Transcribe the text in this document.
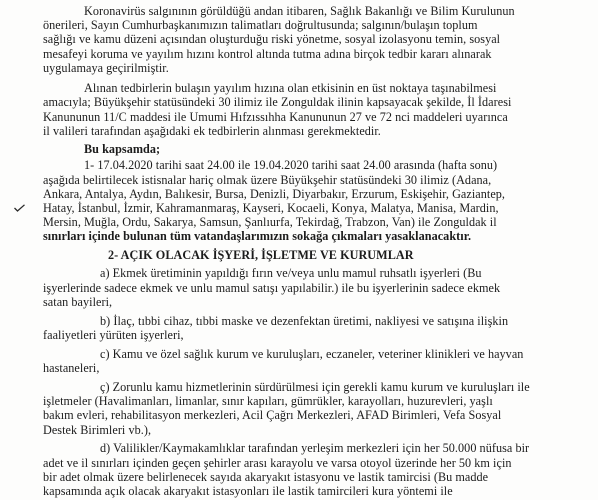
Koronavirüs salgınının görüldüğü andan itibaren, Sağlık Bakanlığı ve Bilim Kurulunun
önerileri, Sayın Cumhurbaşkanımızın talimatları doğrultusunda; salgının/bulaşın toplum
sağlığı ve kamu düzeni açısından oluşturduğu riski yönetme, sosyal izolasyonu temin, sosyal
mesafeyi koruma ve yayılım hızını kontrol altında tutma adına birçok tedbir kararı alınarak
uygulamaya geçirilmiştir.
Alınan tedbirlerin bulaşın yayılım hızına olan etkisinin en üst noktaya taşınabilmesi
amacıyla; Büyükşehir statüsündeki 30 ilimiz ile Zonguldak ilinin kapsayacak şekilde, İl İdaresi
Kanununun 11/C maddesi ile Umumi Hıfzıssıhha Kanununun 27 ve 72 nci maddeleri uyarınca
il valileri tarafından aşağıdaki ek tedbirlerin alınması gerekmektedir.
Bu kapsamda;
1- 17.04.2020 tarihi saat 24.00 ile 19.04.2020 tarihi saat 24.00 arasında (hafta sonu)
aşağıda belirtilecek istisnalar hariç olmak üzere Büyükşehir statüsündeki 30 ilimiz (Adana,
Ankara, Antalya, Aydın, Balıkesir, Bursa, Denizli, Diyarbakır, Erzurum, Eskişehir, Gaziantep,
Hatay, İstanbul, İzmir, Kahramanmaraş, Kayseri, Kocaeli, Konya, Malatya, Manisa, Mardin,
Mersin, Muğla, Ordu, Sakarya, Samsun, Şanlıurfa, Tekirdağ, Trabzon, Van) ile Zonguldak il
sınırları içinde bulunan tüm vatandaşlarımızın sokağa çıkmaları yasaklanacaktır.
2- AÇIK OLACAK İŞYERİ, İŞLETME VE KURUMLAR
a) Ekmek üretiminin yapıldığı fırın ve/veya unlu mamul ruhsatlı işyerleri (Bu
işyerlerinde sadece ekmek ve unlu mamul satışı yapılabilir.) ile bu işyerlerinin sadece ekmek
satan bayileri,
b) İlaç, tıbbi cihaz, tıbbi maske ve dezenfektan üretimi, nakliyesi ve satışına ilişkin
faaliyetleri yürüten işyerleri,
c) Kamu ve özel sağlık kurum ve kuruluşları, eczaneler, veteriner klinikleri ve hayvan
hastaneleri,
ç) Zorunlu kamu hizmetlerinin sürdürülmesi için gerekli kamu kurum ve kuruluşları ile
işletmeler (Havalimanları, limanlar, sınır kapıları, gümrükler, karayolları, huzurevleri, yaşlı
bakım evleri, rehabilitasyon merkezleri, Acil Çağrı Merkezleri, AFAD Birimleri, Vefa Sosyal
Destek Birimleri vb.),
d) Valilikler/Kaymakamlıklar tarafından yerleşim merkezleri için her 50.000 nüfusa bir
adet ve il sınırları içinden geçen şehirler arası karayolu ve varsa otoyol üzerinde her 50 km için
bir adet olmak üzere belirlenecek sayıda akaryakıt istasyonu ve lastik tamircisi (Bu madde
kapsamında açık olacak akaryakıt istasyonları ile lastik tamircileri kura yöntemi ile
